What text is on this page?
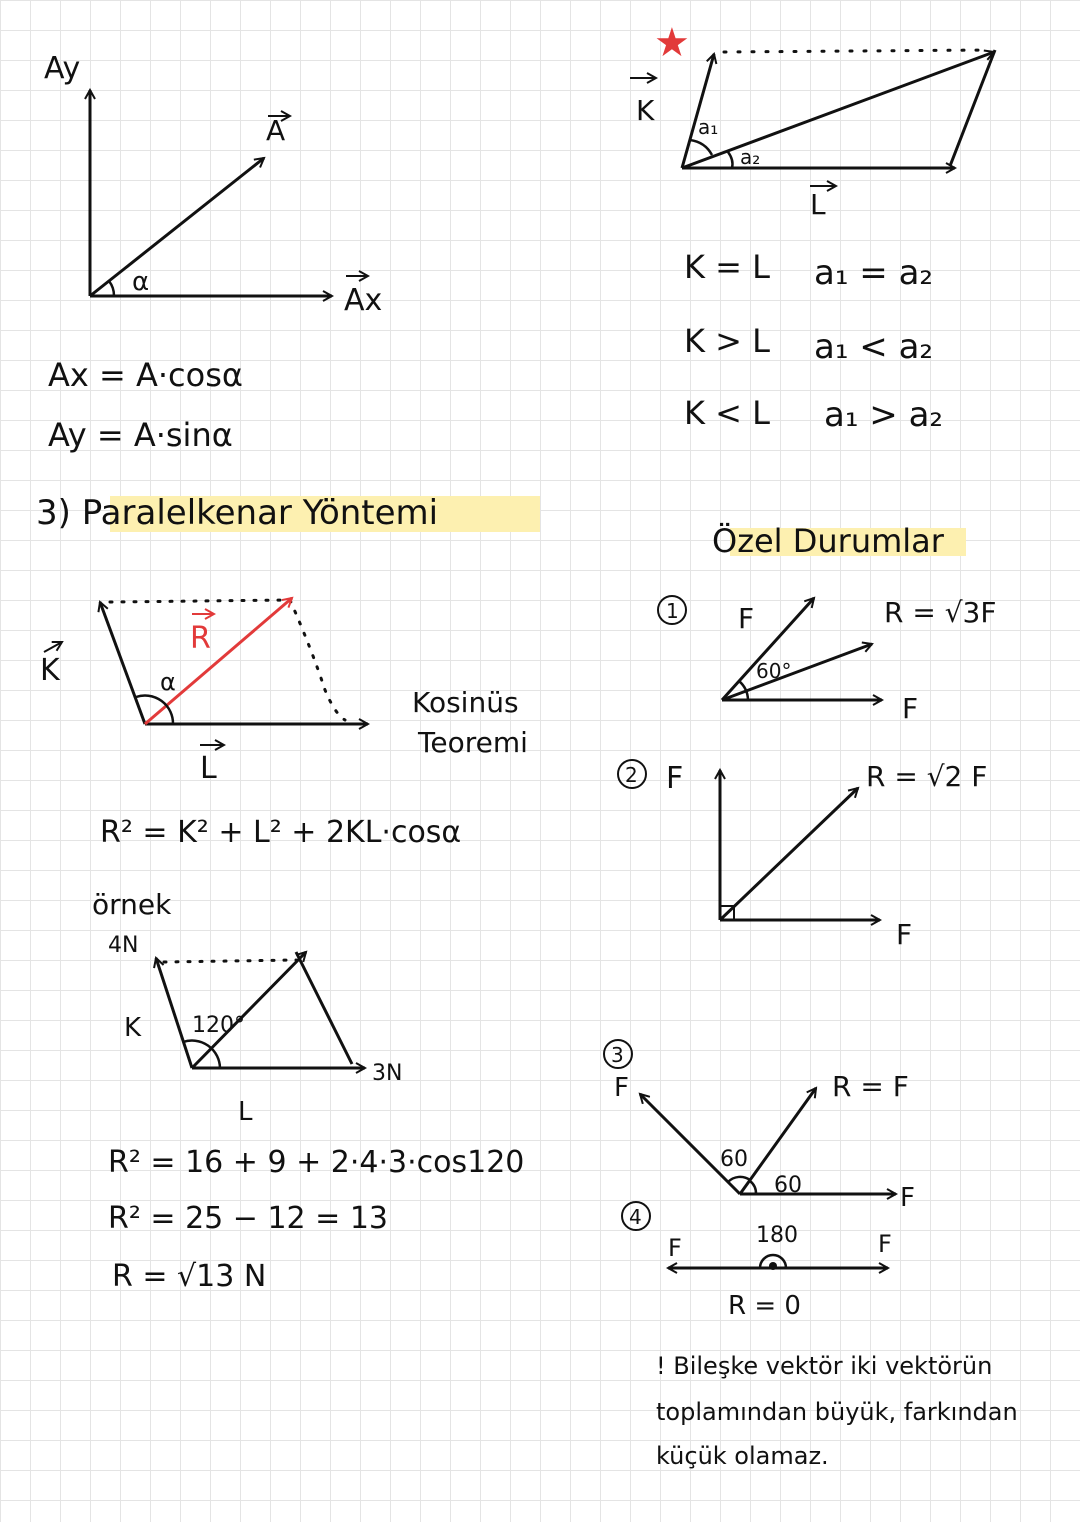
Ay
A
Ax
α
Ax = A·cosα
Ay = A·sinα
3) Paralelkenar Yöntemi
K
L
R
α
Kosinüs
Teoremi
R² = K² + L² + 2KL·cosα
örnek
4N
K 120°
3N
L
R² = 16 + 9 + 2·4·3·cos120
R² = 25 − 12 = 13
R = √13 N
★
K
L
a₁
a₂
K = L a₁ = a₂
K > L a₁ < a₂
K < L a₁ > a₂
Özel Durumlar
1 F
60°
F
R = √3F
2 F	R = √2 F
F
3
F
60
60
R = F
F
4
F	180	F
R = 0
! Bileşke vektör iki vektörün
toplamından büyük, farkından
küçük olamaz.
